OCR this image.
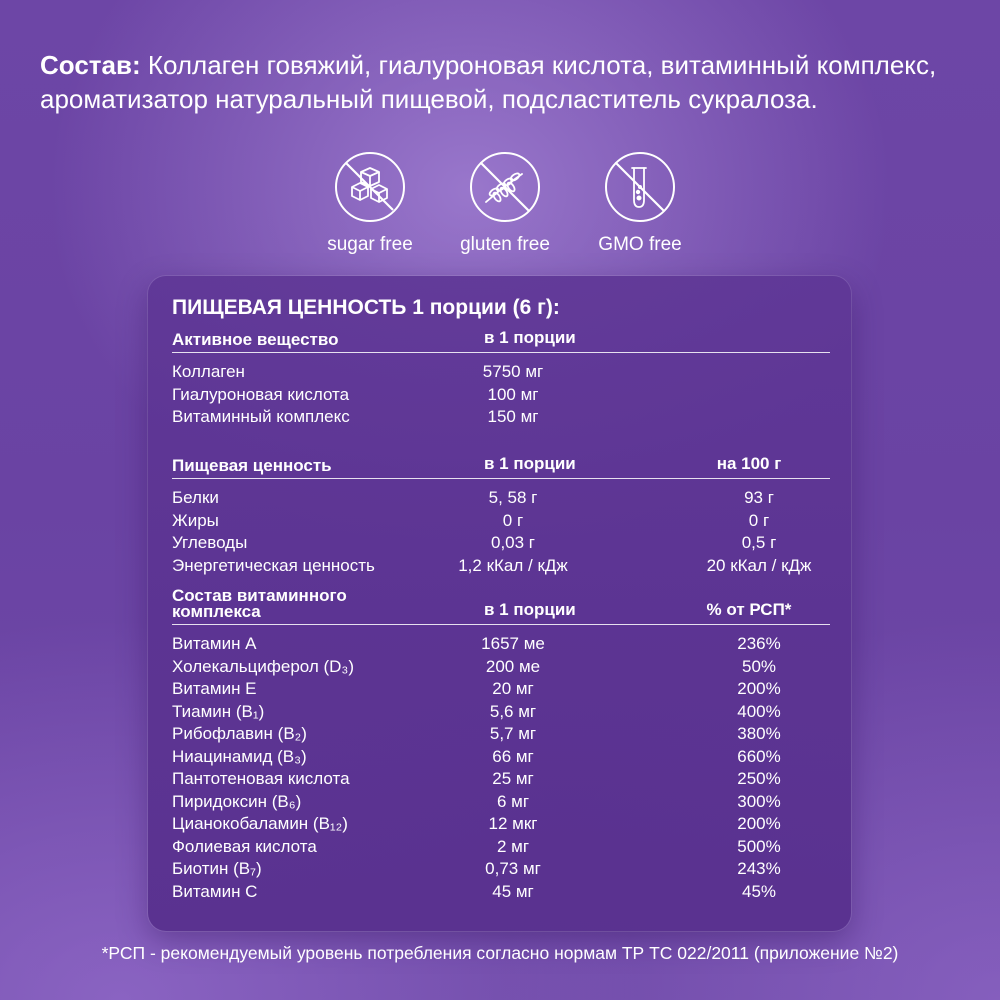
Состав: Коллаген говяжий, гиалуроновая кислота, витаминный комплекс, ароматизатор натуральный пищевой, подсластитель сукралоза.
sugar free	gluten free	GMO free
ПИЩЕВАЯ ЦЕННОСТЬ 1 порции (6 г):
Активное вещество	в 1 порции
Коллаген	5750 мг
Гиалуроновая кислота	100 мг
Витаминный комплекс	150 мг
Пищевая ценность	в 1 порции	на 100 г
Белки	5, 58 г	93 г
Жиры	0 г	0 г
Углеводы	0,03 г	0,5 г
Энергетическая ценность	1,2 кКал / кДж	20 кКал / кДж
Состав витаминного комплекса	в 1 порции	% от РСП*
Витамин А	1657 ме	236%
Холекальциферол (D₃)	200 ме	50%
Витамин Е	20 мг	200%
Тиамин (B₁)	5,6 мг	400%
Рибофлавин (B₂)	5,7 мг	380%
Ниацинамид (B₃)	66 мг	660%
Пантотеновая кислота	25 мг	250%
Пиридоксин (B₆)	6 мг	300%
Цианокобаламин (B₁₂)	12 мкг	200%
Фолиевая кислота	2 мг	500%
Биотин (B₇)	0,73 мг	243%
Витамин С	45 мг	45%
*РСП - рекомендуемый уровень потребления согласно нормам ТР ТС 022/2011 (приложение №2)
